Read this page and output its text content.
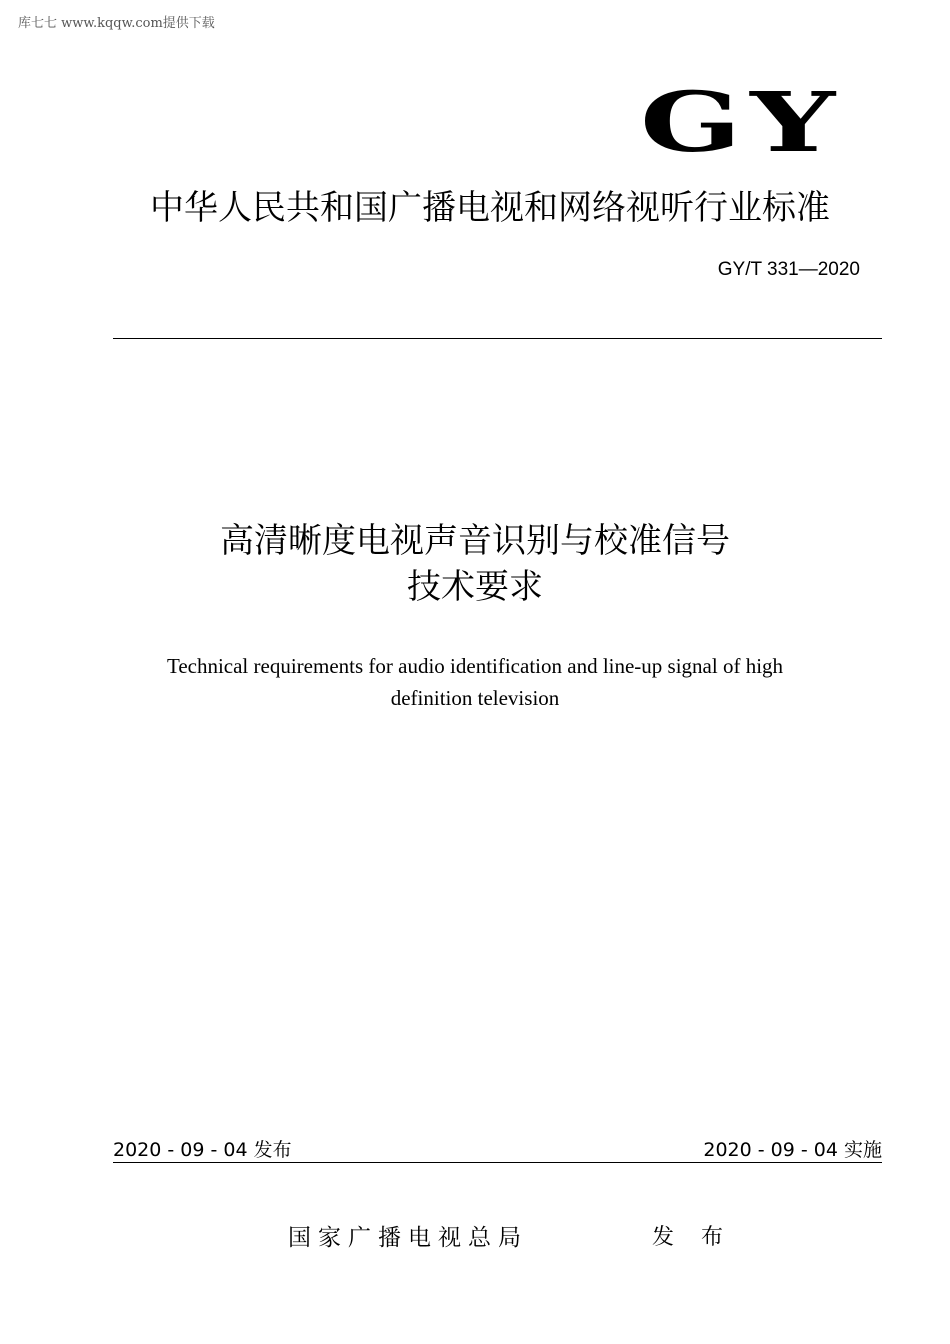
库七七 www.kqqw.com提供下载
GY
中华人民共和国广播电视和网络视听行业标准
GY/T 331—2020
高清晰度电视声音识别与校准信号
技术要求
Technical requirements for audio identification and line-up signal of high
definition television
2020 - 09 - 04 发布	2020 - 09 - 04 实施
国家广播电视总局	发 布
